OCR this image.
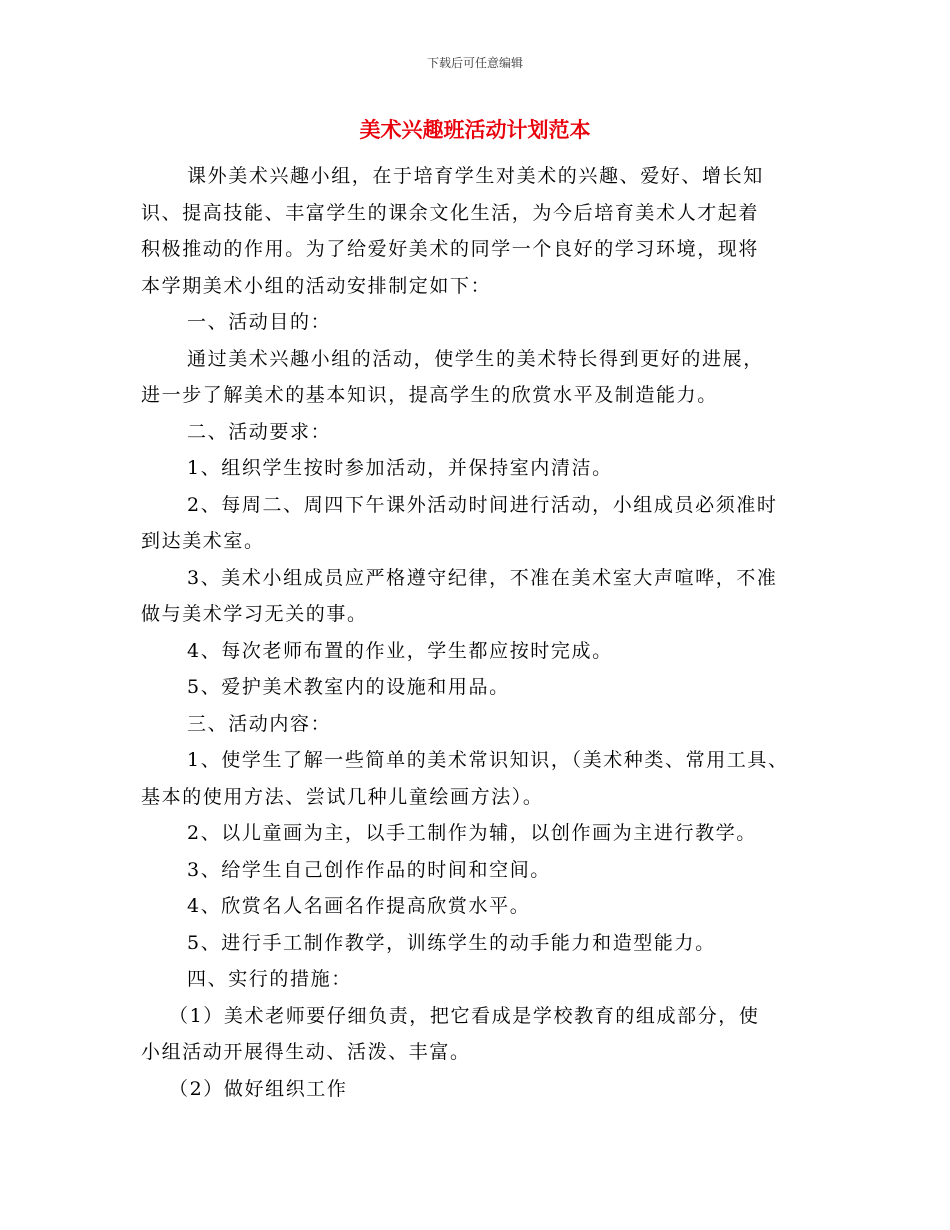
下载后可任意编辑
美术兴趣班活动计划范本
课外美术兴趣小组，在于培育学生对美术的兴趣、爱好、增长知
识、提高技能、丰富学生的课余文化生活，为今后培育美术人才起着
积极推动的作用。为了给爱好美术的同学一个良好的学习环境，现将
本学期美术小组的活动安排制定如下：
一、活动目的：
通过美术兴趣小组的活动，使学生的美术特长得到更好的进展，
进一步了解美术的基本知识，提高学生的欣赏水平及制造能力。
二、活动要求：
1、组织学生按时参加活动，并保持室内清洁。
2、每周二、周四下午课外活动时间进行活动，小组成员必须准时
到达美术室。
3、美术小组成员应严格遵守纪律，不准在美术室大声喧哗，不准
做与美术学习无关的事。
4、每次老师布置的作业，学生都应按时完成。
5、爱护美术教室内的设施和用品。
三、活动内容：
1、使学生了解一些简单的美术常识知识，（美术种类、常用工具、
基本的使用方法、尝试几种儿童绘画方法）。
2、以儿童画为主，以手工制作为辅，以创作画为主进行教学。
3、给学生自己创作作品的时间和空间。
4、欣赏名人名画名作提高欣赏水平。
5、进行手工制作教学，训练学生的动手能力和造型能力。
四、实行的措施：
（1）美术老师要仔细负责，把它看成是学校教育的组成部分，使
小组活动开展得生动、活泼、丰富。
（2）做好组织工作
